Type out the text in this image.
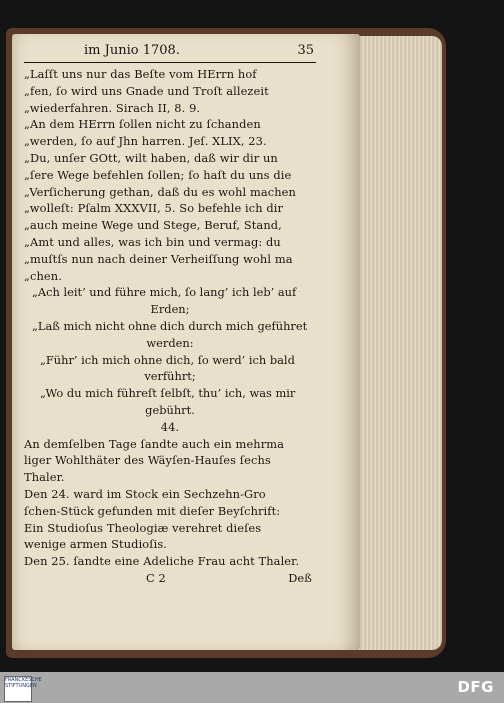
im Junio 1708.	35
„Laſſt uns nur das Beſte vom HErrn hof
„fen, ſo wird uns Gnade und Troſt allezeit
„wiederfahren. Sirach II, 8. 9.
„An dem HErrn ſollen nicht zu ſchanden
„werden, ſo auf Jhn harren. Jeſ. XLIX, 23.
„Du, unſer GOtt, wilt haben, daß wir dir un
„ſere Wege befehlen ſollen; ſo haſt du uns die
„Verſicherung gethan, daß du es wohl machen
„wolleſt: Pſalm XXXVII, 5. So befehle ich dir
„auch meine Wege und Stege, Beruf, Stand,
„Amt und alles, was ich bin und vermag: du
„muſtſs nun nach deiner Verheiſſung wohl ma
„chen.
„Ach leit’ und führe mich, ſo lang’ ich leb’ auf
Erden;
„Laß mich nicht ohne dich durch mich geführet
werden:
„Führ’ ich mich ohne dich, ſo werd’ ich bald
verführt;
„Wo du mich führeſt ſelbſt, thu’ ich, was mir
gebührt.
44.
An demſelben Tage ſandte auch ein mehrma
liger Wohlthäter des Wäyſen-Hauſes ſechs
Thaler.
Den 24. ward im Stock ein Sechzehn-Gro
ſchen-Stück gefunden mit dieſer Beyſchrift:
Ein Studioſus Theologiæ verehret dieſes
wenige armen Studioſis.
Den 25. ſandte eine Adeliche Frau acht Thaler.
C 2	Deß
FRANCKESCHE STIFTUNGEN	DFG
